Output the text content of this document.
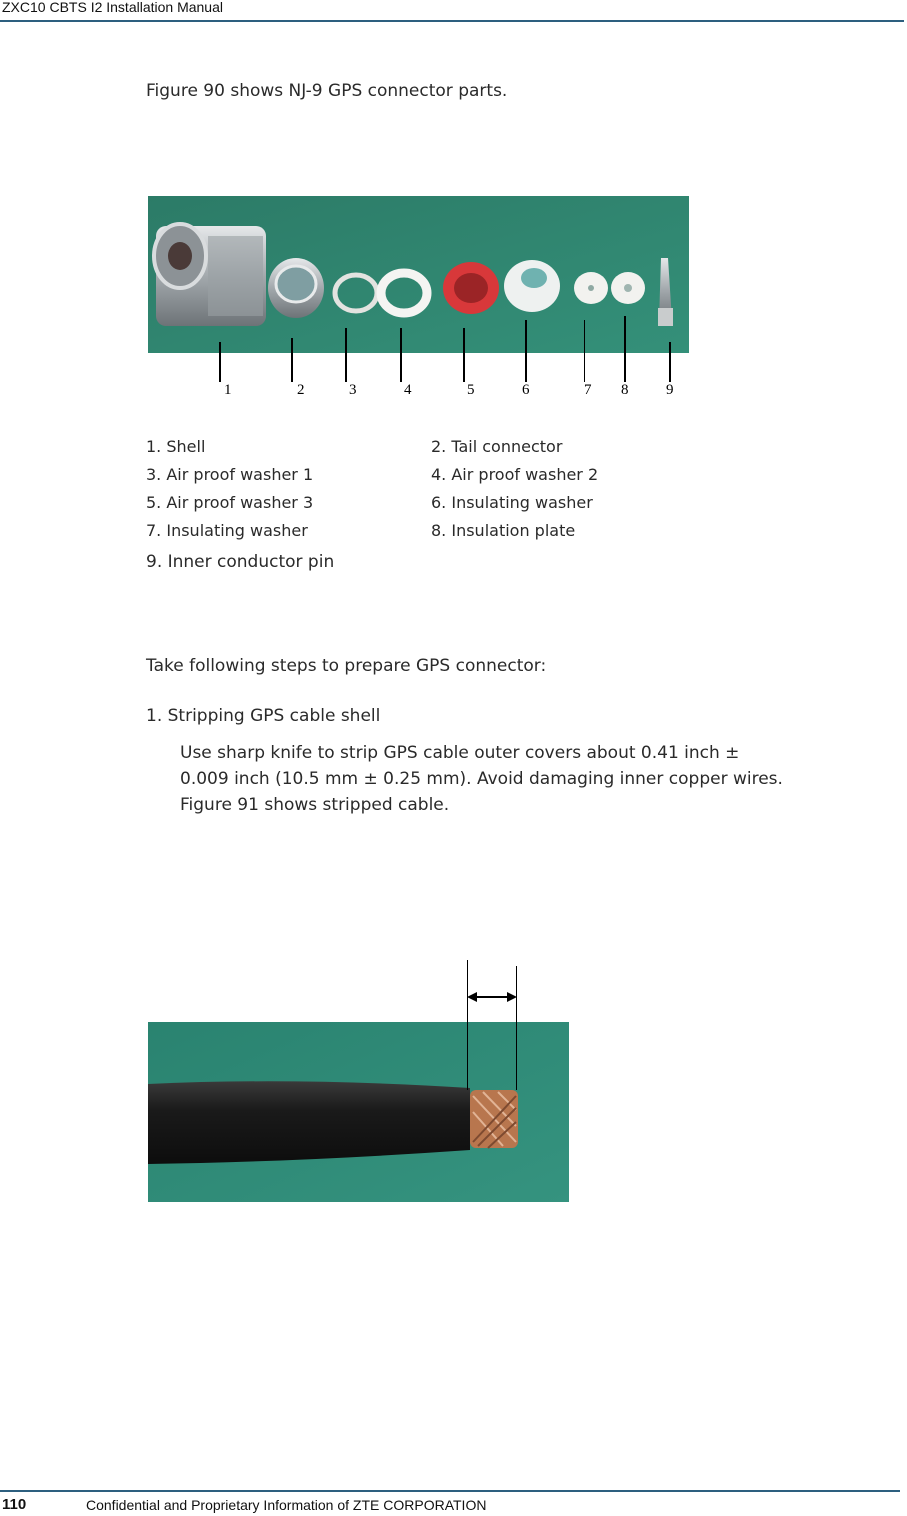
ZXC10 CBTS I2 Installation Manual
Figure 90 shows NJ-9 GPS connector parts.
1	2	3	4	5	6	7 8	9
1. Shell	2. Tail connector
3. Air proof washer 1	4. Air proof washer 2
5. Air proof washer 3	6. Insulating washer
7. Insulating washer	8. Insulation plate
9. Inner conductor pin
Take following steps to prepare GPS connector:
1. Stripping GPS cable shell
Use sharp knife to strip GPS cable outer covers about 0.41 inch ±
0.009 inch (10.5 mm ± 0.25 mm). Avoid damaging inner copper wires.
Figure 91 shows stripped cable.
110	Confidential and Proprietary Information of ZTE CORPORATION
